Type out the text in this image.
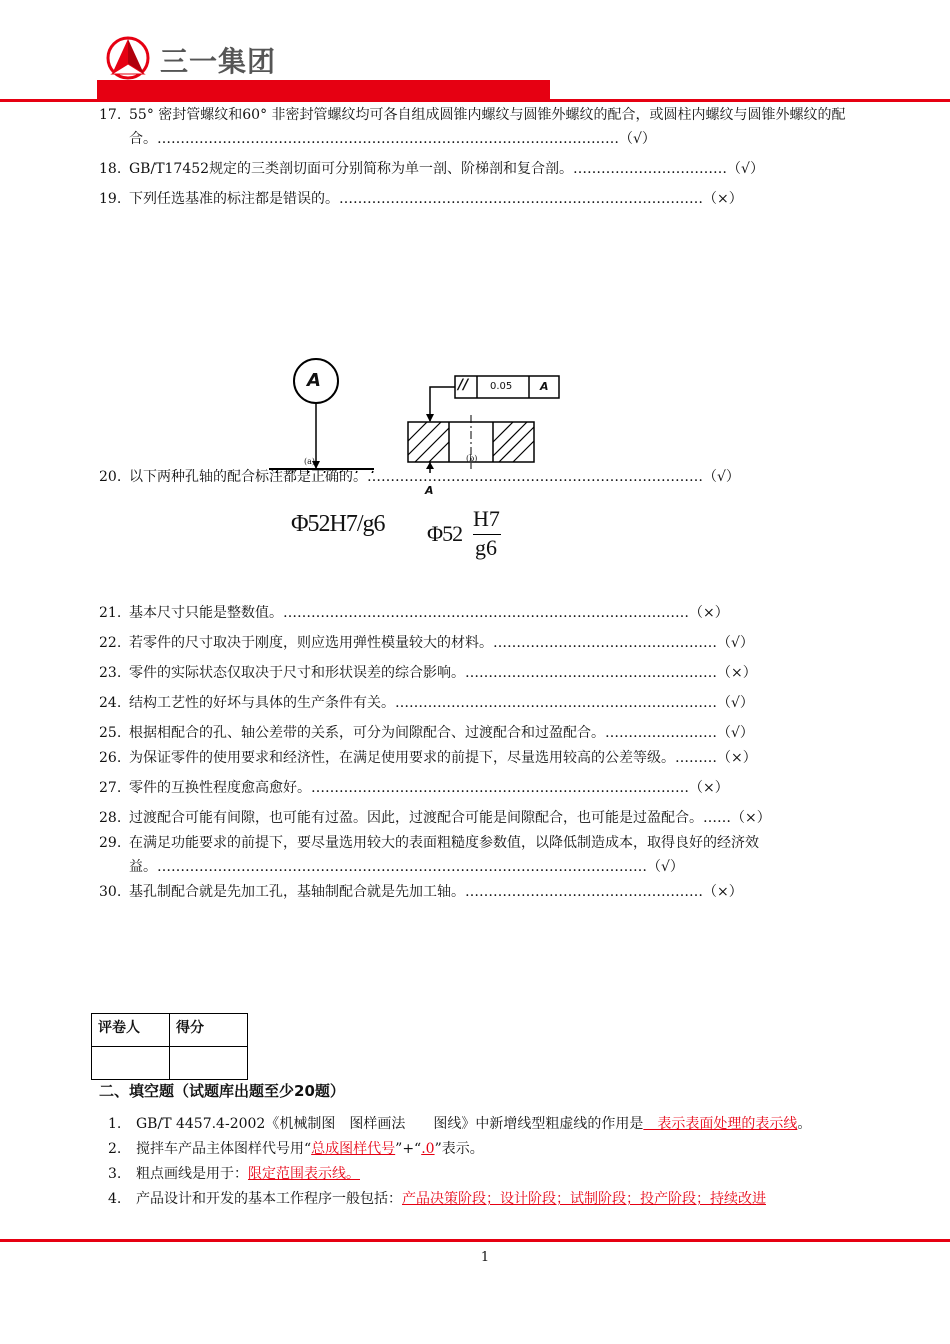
三一集团
17. 55° 密封管螺纹和60° 非密封管螺纹均可各自组成圆锥内螺纹与圆锥外螺纹的配合，或圆柱内螺纹与圆锥外螺纹的配合。………………………………………………………………………………………（√）
18. GB/T17452规定的三类剖切面可分别简称为单一剖、阶梯剖和复合剖。……………………………（√）
19. 下列任选基准的标注都是错误的。……………………………………………………………………（×）
A
(a)
// 0.05	A
A
(b)
20. 以下两种孔轴的配合标注都是正确的。………………………………………………………………（√）
Φ52H7/g6 Φ52
H7
g6
21. 基本尺寸只能是整数值。……………………………………………………………………………（×）
22. 若零件的尺寸取决于刚度，则应选用弹性模量较大的材料。…………………………………………（√）
23. 零件的实际状态仅取决于尺寸和形状误差的综合影响。………………………………………………（×）
24. 结构工艺性的好坏与具体的生产条件有关。……………………………………………………………（√）
25. 根据相配合的孔、轴公差带的关系，可分为间隙配合、过渡配合和过盈配合。……………………（√）
26. 为保证零件的使用要求和经济性，在满足使用要求的前提下，尽量选用较高的公差等级。………（×）
27. 零件的互换性程度愈高愈好。………………………………………………………………………（×）
28. 过渡配合可能有间隙，也可能有过盈。因此，过渡配合可能是间隙配合，也可能是过盈配合。……（×）
29. 在满足功能要求的前提下，要尽量选用较大的表面粗糙度参数值，以降低制造成本，取得良好的经济效益。……………………………………………………………………………………………（√）
30. 基孔制配合就是先加工孔，基轴制配合就是先加工轴。……………………………………………（×）
评卷人	得分

二、填空题（试题库出题至少20题）
1.	GB/T 4457.4-2002《机械制图　图样画法　　图线》中新增线型粗虚线的作用是　表示表面处理的表示线。
2.	搅拌车产品主体图样代号用“总成图样代号”+“.0”表示。
3.	粗点画线是用于：限定范围表示线。
4.	产品设计和开发的基本工作程序一般包括：产品决策阶段；设计阶段；试制阶段；投产阶段；持续改进
1
